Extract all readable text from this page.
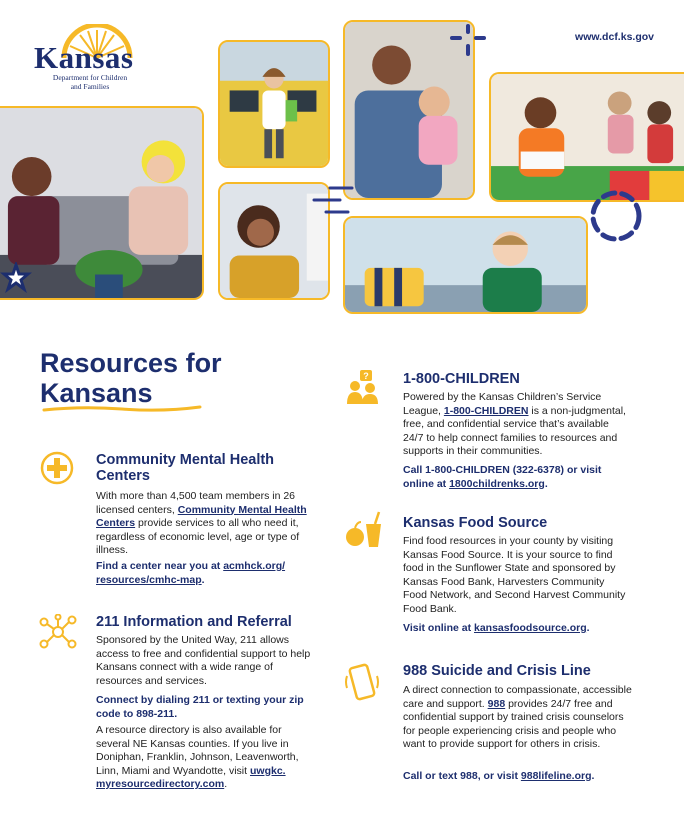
Kansas
Department for Children
and Families
www.dcf.ks.gov
Resources for
Kansans
Community Mental Health
Centers
With more than 4,500 team members in 26 licensed centers, Community Mental Health Centers provide services to all who need it, regardless of economic level, age or type of illness.
Find a center near you at acmhck.org/ resources/cmhc-map.
211 Information and Referral
Sponsored by the United Way, 211 allows access to free and confidential support to help Kansans connect with a wide range of resources and services.
Connect by dialing 211 or texting your zip code to 898-211.
A resource directory is also available for several NE Kansas counties. If you live in Doniphan, Franklin, Johnson, Leavenworth, Linn, Miami and Wyandotte, visit uwgkc. myresourcedirectory.com.
? 1-800-CHILDREN
Powered by the Kansas Children’s Service League, 1-800-CHILDREN is a non-judgmental, free, and confidential service that’s available 24/7 to help connect families to resources and supports in their communities.
Call 1-800-CHILDREN (322-6378) or visit online at 1800childrenks.org.
Kansas Food Source
Find food resources in your county by visiting Kansas Food Source. It is your source to find food in the Sunflower State and sponsored by Kansas Food Bank, Harvesters Community Food Network, and Second Harvest Community Food Bank.
Visit online at kansasfoodsource.org.
988 Suicide and Crisis Line
A direct connection to compassionate, accessible care and support. 988 provides 24/7 free and confidential support by trained crisis counselors for people experiencing crisis and people who want to provide support for others in crisis.
Call or text 988, or visit 988lifeline.org.
